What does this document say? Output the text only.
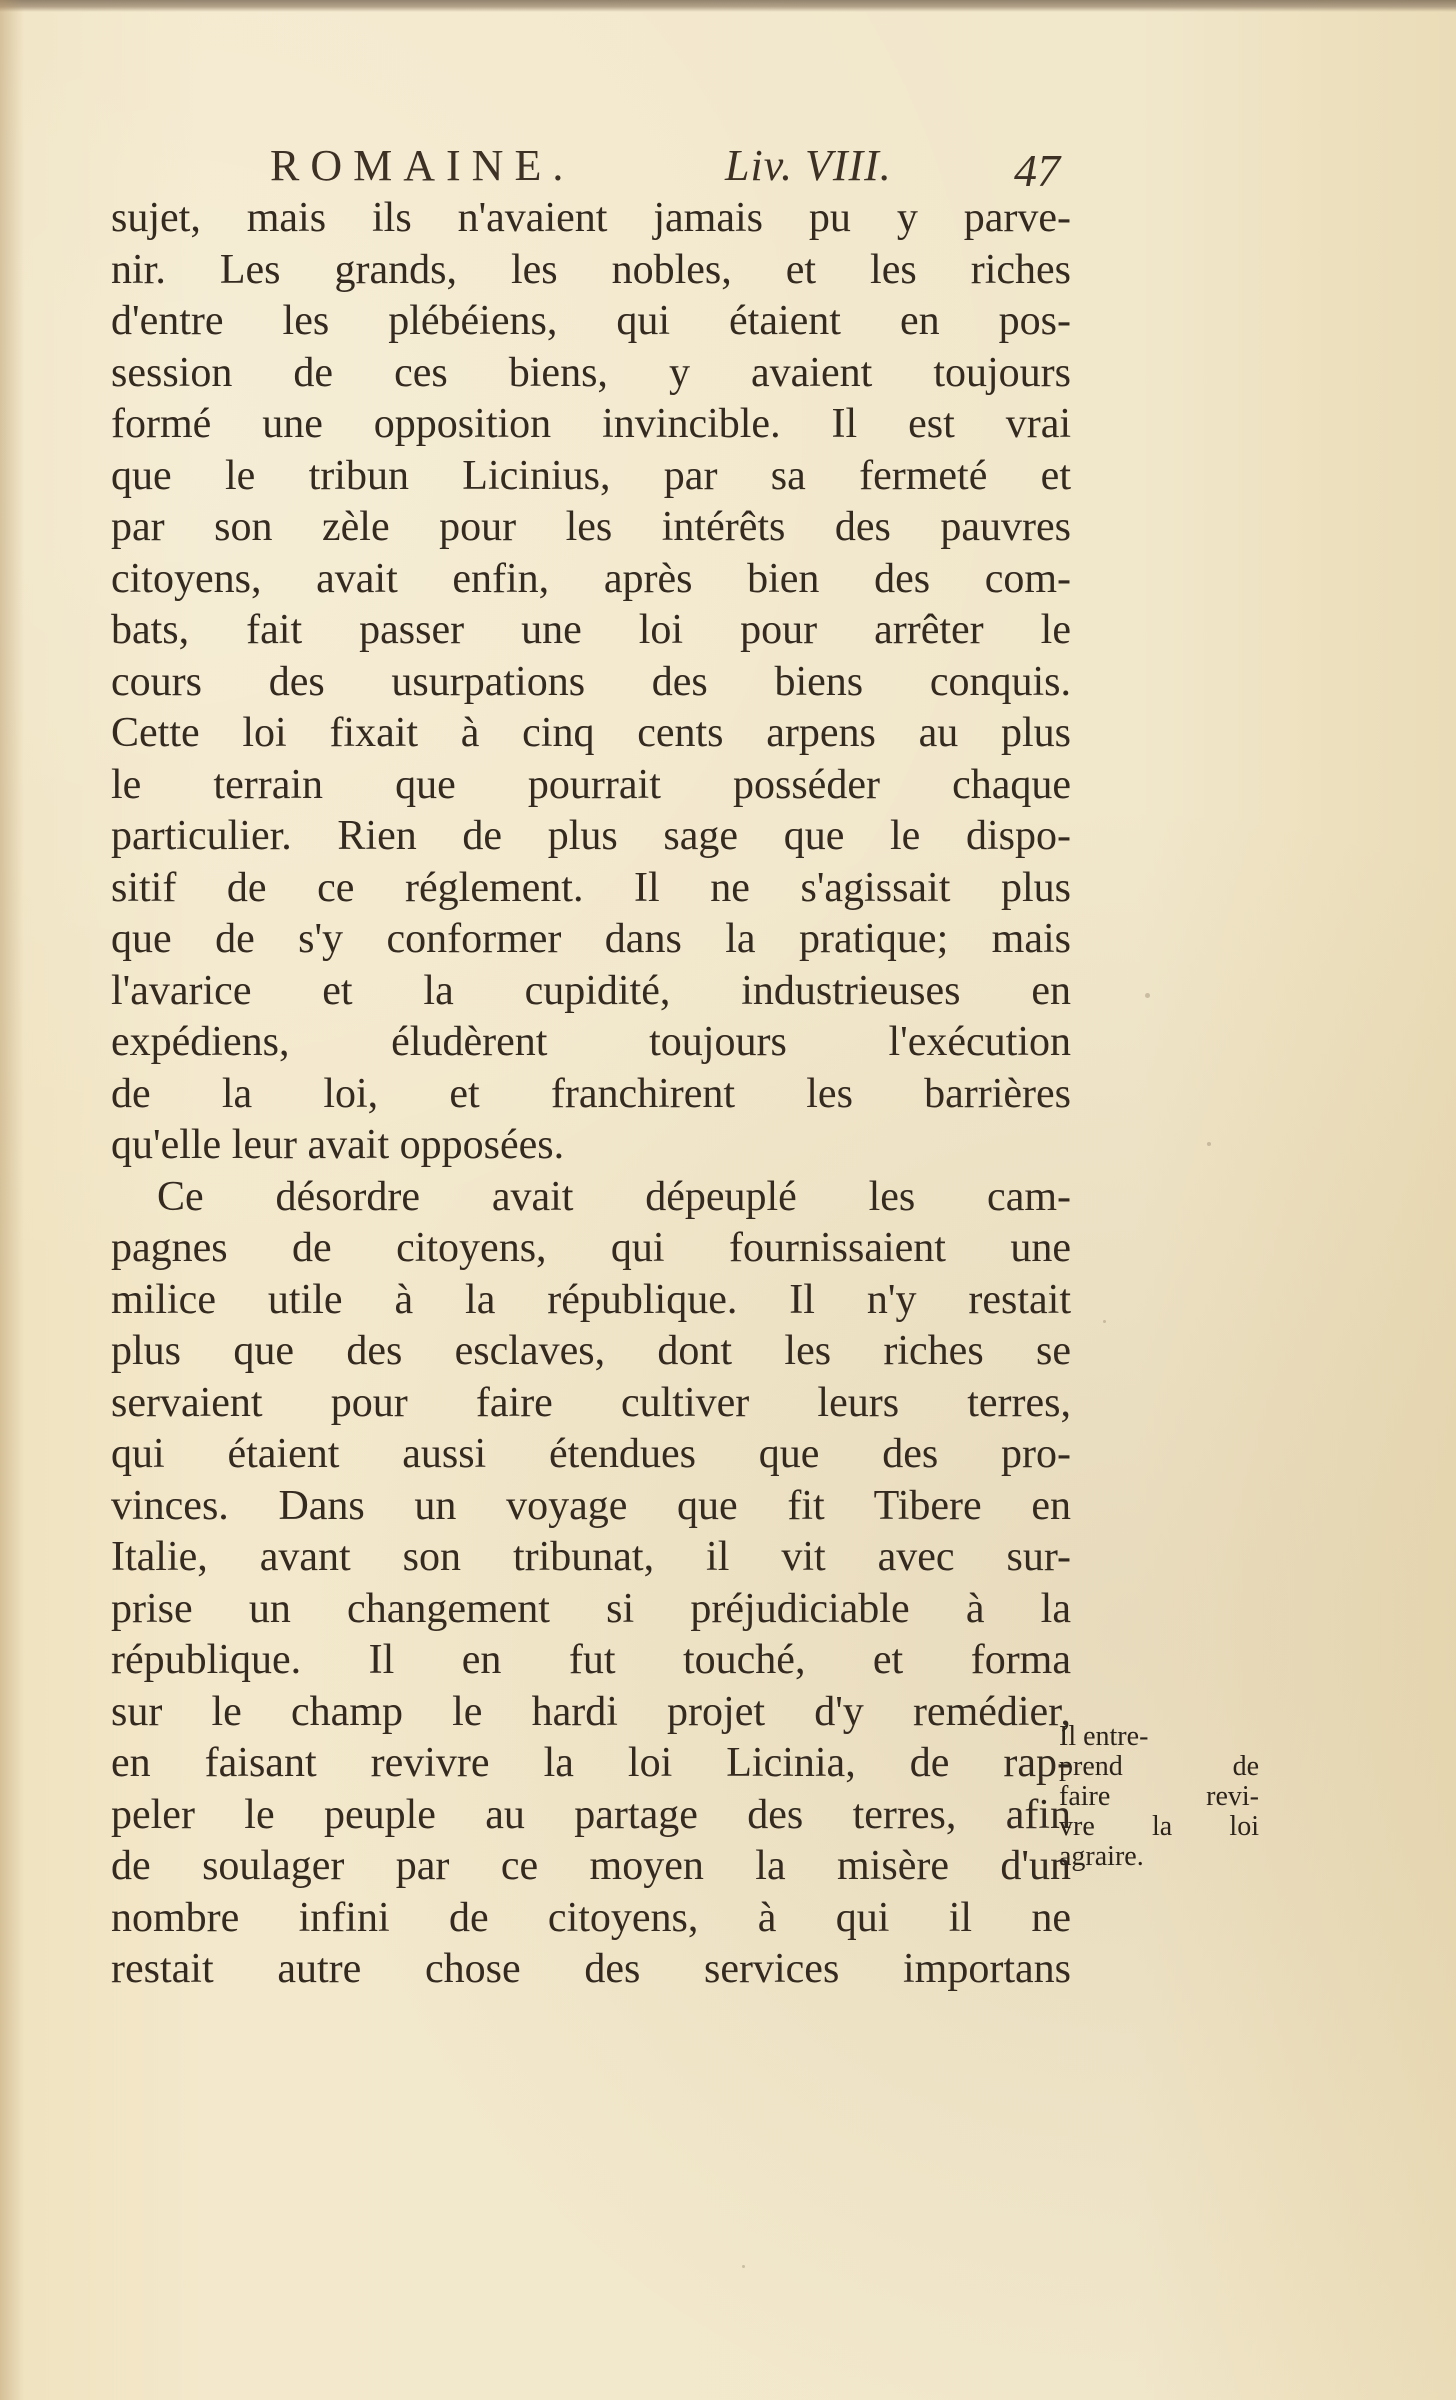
ROMAINE.	Liv. VIII.	47
sujet, mais ils n'avaient jamais pu y parve-
nir. Les grands, les nobles, et les riches
d'entre les plébéiens, qui étaient en pos-
session de ces biens, y avaient toujours
formé une opposition invincible. Il est vrai
que le tribun Licinius, par sa fermeté et
par son zèle pour les intérêts des pauvres
citoyens, avait enfin, après bien des com-
bats, fait passer une loi pour arrêter le
cours des usurpations des biens conquis.
Cette loi fixait à cinq cents arpens au plus
le terrain que pourrait posséder chaque
particulier. Rien de plus sage que le dispo-
sitif de ce réglement. Il ne s'agissait plus
que de s'y conformer dans la pratique; mais
l'avarice et la cupidité, industrieuses en
expédiens, éludèrent toujours l'exécution
de la loi, et franchirent les barrières
qu'elle leur avait opposées.
Ce désordre avait dépeuplé les cam-
pagnes de citoyens, qui fournissaient une
milice utile à la république. Il n'y restait
plus que des esclaves, dont les riches se
servaient pour faire cultiver leurs terres,
qui étaient aussi étendues que des pro-
vinces. Dans un voyage que fit Tibere en
Italie, avant son tribunat, il vit avec sur-
prise un changement si préjudiciable à la
république. Il en fut touché, et forma
sur le champ le hardi projet d'y remédier,
en faisant revivre la loi Licinia, de rap-
peler le peuple au partage des terres, afin
de soulager par ce moyen la misère d'un
nombre infini de citoyens, à qui il ne
restait autre chose des services importans
Il entre-
prend de
faire revi-
vre la loi
agraire.
